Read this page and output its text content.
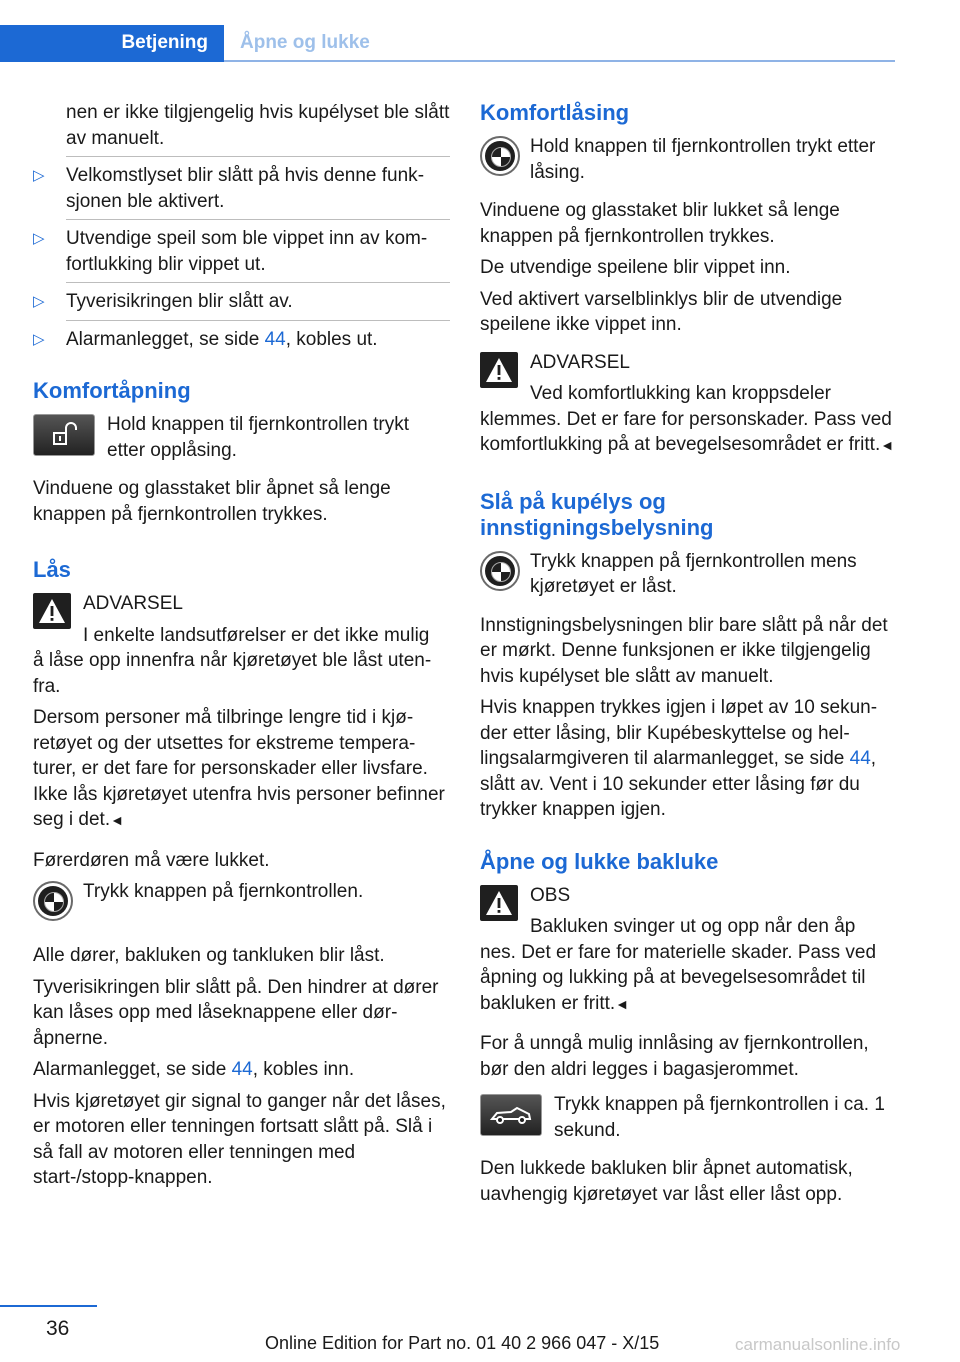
Betjening	Åpne og lukke
nen er ikke tilgjengelig hvis kupélyset ble slått av manuelt.
▷ Velkomstlyset blir slått på hvis denne funksjonen ble aktivert.
▷ Utvendige speil som ble vippet inn av komfortlukking blir vippet ut.
▷ Tyverisikringen blir slått av.
▷ Alarmanlegget, se side 44, kobles ut.
Komfortåpning
Hold knappen til fjernkontrollen trykt etter opplåsing.

Vinduene og glasstaket blir åpnet så lenge knappen på fjernkontrollen trykkes.

Lås
ADVARSEL
I enkelte landsutførelser er det ikke mulig
å låse opp innenfra når kjøretøyet ble låst utenfra.
Dersom personer må tilbringe lengre tid i kjøretøyet og der utsettes for ekstreme temperaturer, er det fare for personskader eller livsfare. Ikke lås kjøretøyet utenfra hvis personer befinner seg i det.◄

Førerdøren må være lukket.

Trykk knappen på fjernkontrollen.

Alle dører, bakluken og tankluken blir låst.

Tyverisikringen blir slått på. Den hindrer at dører kan låses opp med låseknappene eller døråpnerne.

Alarmanlegget, se side 44, kobles inn.

Hvis kjøretøyet gir signal to ganger når det låses, er motoren eller tenningen fortsatt slått på. Slå i så fall av motoren eller tenningen med start-/stopp-knappen.

Komfortlåsing
Hold knappen til fjernkontrollen trykt etter låsing.

Vinduene og glasstaket blir lukket så lenge knappen på fjernkontrollen trykkes.

De utvendige speilene blir vippet inn.

Ved aktivert varselblinklys blir de utvendige speilene ikke vippet inn.

ADVARSEL
Ved komfortlukking kan kroppsdeler
klemmes. Det er fare for personskader. Pass ved komfortlukking på at bevegelsesområdet er fritt.◄
Slå på kupélys og innstigningsbelysning
Trykk knappen på fjernkontrollen mens kjøretøyet er låst.

Innstigningsbelysningen blir bare slått på når det er mørkt. Denne funksjonen er ikke tilgjengelig hvis kupélyset ble slått av manuelt.

Hvis knappen trykkes igjen i løpet av 10 sekunder etter låsing, blir Kupébeskyttelse og hellingsalarmgiveren til alarmanlegget, se side 44, slått av. Vent i 10 sekunder etter låsing før du trykker knappen igjen.

Åpne og lukke bakluke
OBS
Bakluken svinger ut og opp når den åp
nes. Det er fare for materielle skader. Pass ved åpning og lukking på at bevegelsesområdet til bakluken er fritt.◄

For å unngå mulig innlåsing av fjernkontrollen, bør den aldri legges i bagasjerommet.

Trykk knappen på fjernkontrollen i ca. 1 sekund.

Den lukkede bakluken blir åpnet automatisk, uavhengig kjøretøyet var låst eller låst opp.

36
Online Edition for Part no. 01 40 2 966 047 - X/15	carmanualsonline.info
